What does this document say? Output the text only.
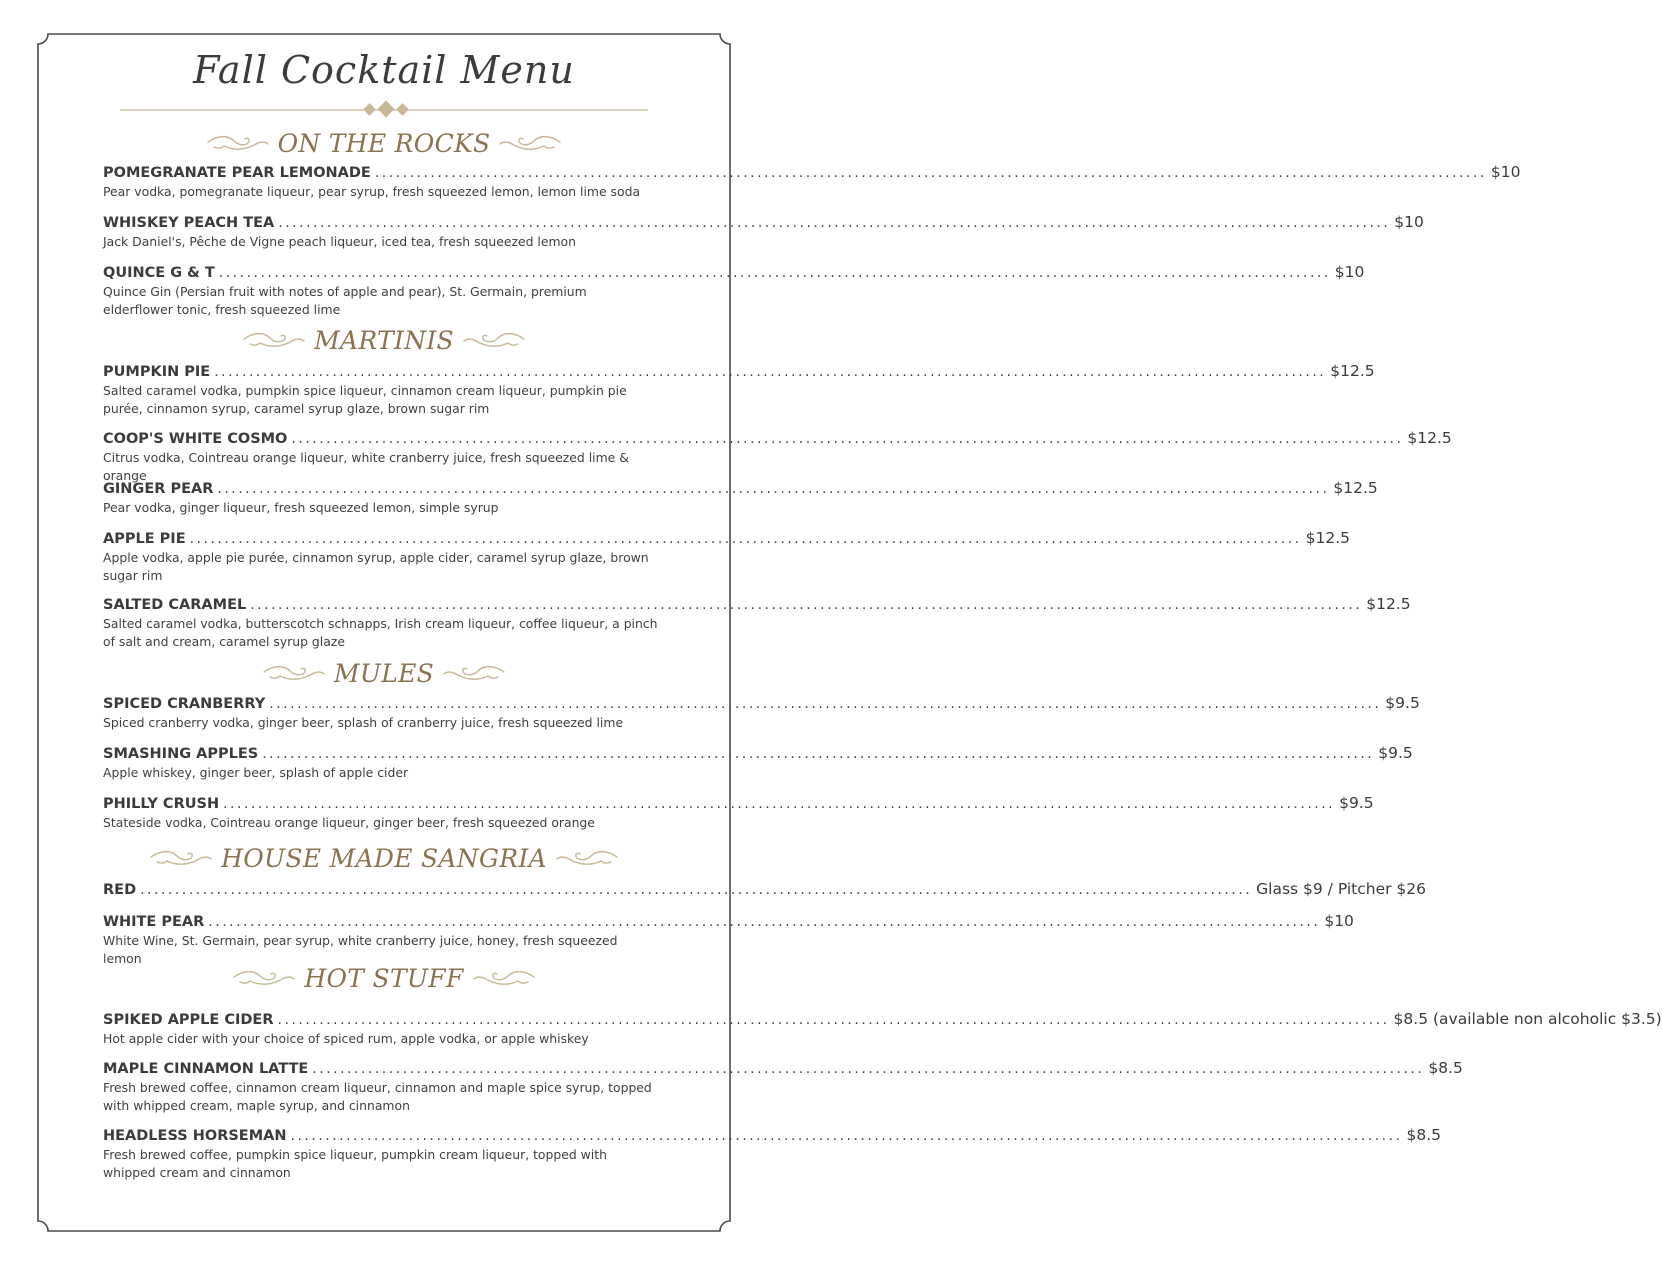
Fall Cocktail Menu
ON THE ROCKS
POMEGRANATE PEAR LEMONADE ................................................................................................................................................................ $10
Pear vodka, pomegranate liqueur, pear syrup, fresh squeezed lemon, lemon lime soda
WHISKEY PEACH TEA ................................................................................................................................................................ $10
Jack Daniel's, Pêche de Vigne peach liqueur, iced tea, fresh squeezed lemon
QUINCE G & T ................................................................................................................................................................ $10
Quince Gin (Persian fruit with notes of apple and pear), St. Germain, premium elderflower tonic, fresh squeezed lime
MARTINIS
PUMPKIN PIE ................................................................................................................................................................ $12.5
Salted caramel vodka, pumpkin spice liqueur, cinnamon cream liqueur, pumpkin pie purée, cinnamon syrup, caramel syrup glaze, brown sugar rim
COOP'S WHITE COSMO ................................................................................................................................................................ $12.5
Citrus vodka, Cointreau orange liqueur, white cranberry juice, fresh squeezed lime & orange
GINGER PEAR ................................................................................................................................................................ $12.5
Pear vodka, ginger liqueur, fresh squeezed lemon, simple syrup
APPLE PIE ................................................................................................................................................................ $12.5
Apple vodka, apple pie purée, cinnamon syrup, apple cider, caramel syrup glaze, brown sugar rim
SALTED CARAMEL ................................................................................................................................................................ $12.5
Salted caramel vodka, butterscotch schnapps, Irish cream liqueur, coffee liqueur, a pinch of salt and cream, caramel syrup glaze
MULES
SPICED CRANBERRY ................................................................................................................................................................ $9.5
Spiced cranberry vodka, ginger beer, splash of cranberry juice, fresh squeezed lime
SMASHING APPLES ................................................................................................................................................................ $9.5
Apple whiskey, ginger beer, splash of apple cider
PHILLY CRUSH ................................................................................................................................................................ $9.5
Stateside vodka, Cointreau orange liqueur, ginger beer, fresh squeezed orange
HOUSE MADE SANGRIA
RED ................................................................................................................................................................ Glass $9 / Pitcher $26
WHITE PEAR ................................................................................................................................................................ $10
White Wine, St. Germain, pear syrup, white cranberry juice, honey, fresh squeezed lemon
HOT STUFF
SPIKED APPLE CIDER ................................................................................................................................................................ $8.5 (available non alcoholic $3.5)
Hot apple cider with your choice of spiced rum, apple vodka, or apple whiskey
MAPLE CINNAMON LATTE ................................................................................................................................................................ $8.5
Fresh brewed coffee, cinnamon cream liqueur, cinnamon and maple spice syrup, topped with whipped cream, maple syrup, and cinnamon
HEADLESS HORSEMAN ................................................................................................................................................................ $8.5
Fresh brewed coffee, pumpkin spice liqueur, pumpkin cream liqueur, topped with whipped cream and cinnamon
